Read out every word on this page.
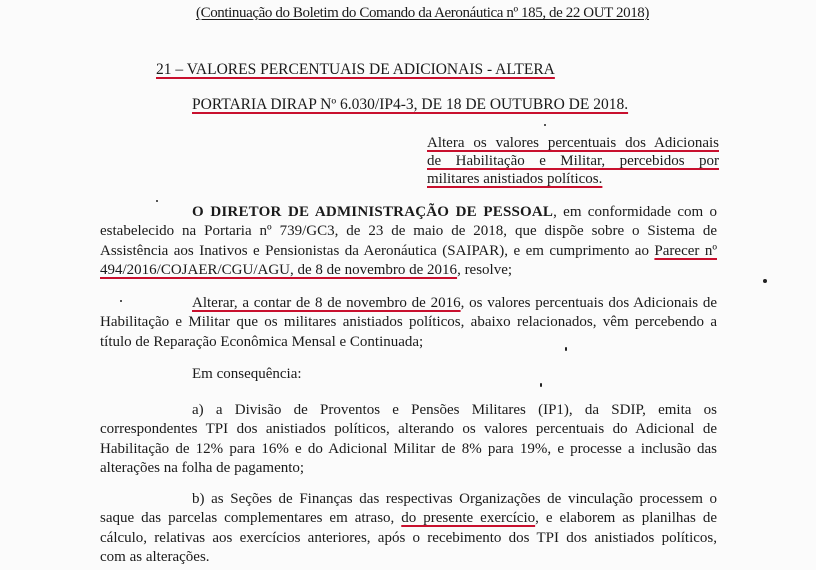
(Continuação do Boletim do Comando da Aeronáutica nº 185, de 22 OUT 2018)
21 – VALORES PERCENTUAIS DE ADICIONAIS - ALTERA
PORTARIA DIRAP Nº 6.030/IP4-3, DE 18 DE OUTUBRO DE 2018.
Altera os valores percentuais dos Adicionais
de Habilitação e Militar, percebidos por
militares anistiados políticos.
O DIRETOR DE ADMINISTRAÇÃO DE PESSOAL, em conformidade com o
estabelecido na Portaria nº 739/GC3, de 23 de maio de 2018, que dispõe sobre o Sistema de
Assistência aos Inativos e Pensionistas da Aeronáutica (SAIPAR), e em cumprimento ao Parecer nº
494/2016/COJAER/CGU/AGU, de 8 de novembro de 2016, resolve;
Alterar, a contar de 8 de novembro de 2016, os valores percentuais dos Adicionais de
Habilitação e Militar que os militares anistiados políticos, abaixo relacionados, vêm percebendo a
título de Reparação Econômica Mensal e Continuada;
Em consequência:
a) a Divisão de Proventos e Pensões Militares (IP1), da SDIP, emita os
correspondentes TPI dos anistiados políticos, alterando os valores percentuais do Adicional de
Habilitação de 12% para 16% e do Adicional Militar de 8% para 19%, e processe a inclusão das
alterações na folha de pagamento;
b) as Seções de Finanças das respectivas Organizações de vinculação processem o
saque das parcelas complementares em atraso, do presente exercício, e elaborem as planilhas de
cálculo, relativas aos exercícios anteriores, após o recebimento dos TPI dos anistiados políticos,
com as alterações.
